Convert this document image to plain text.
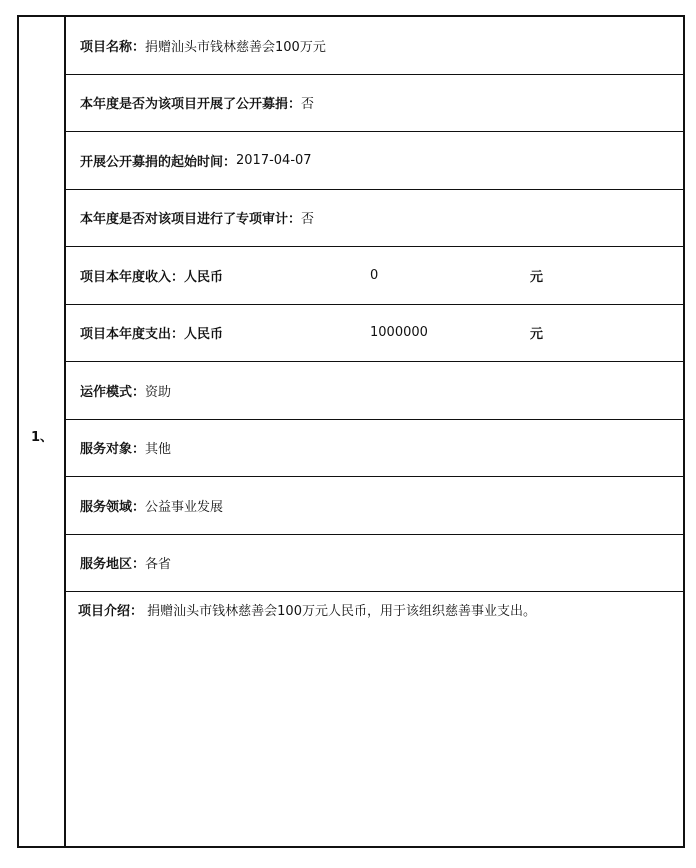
1、
项目名称： 捐赠汕头市钱林慈善会100万元
本年度是否为该项目开展了公开募捐： 否
开展公开募捐的起始时间： 2017-04-07
本年度是否对该项目进行了专项审计： 否
项目本年度收入：人民币	0	元
项目本年度支出：人民币	1000000	元
运作模式： 资助
服务对象： 其他
服务领域： 公益事业发展
服务地区： 各省
项目介绍： 捐赠汕头市钱林慈善会100万元人民币，用于该组织慈善事业支出。
